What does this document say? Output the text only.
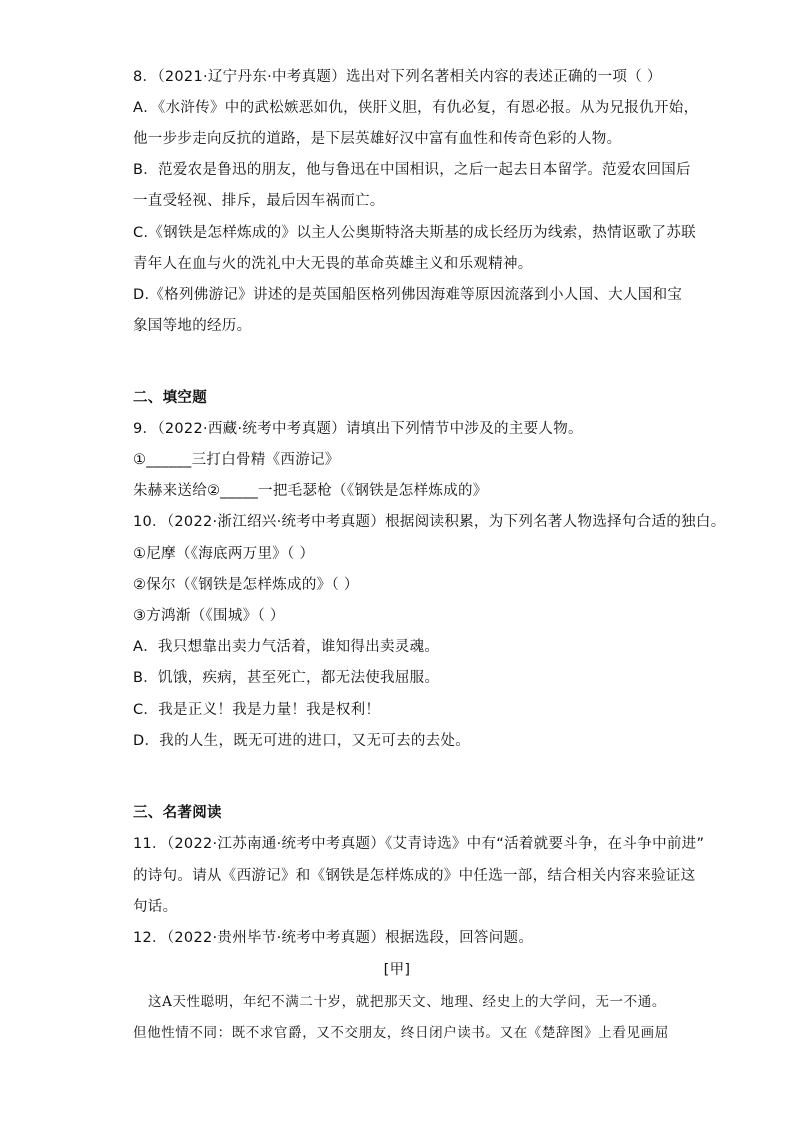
8．（2021·辽宁丹东·中考真题）选出对下列名著相关内容的表述正确的一项（ ）
A．《水浒传》中的武松嫉恶如仇，侠肝义胆，有仇必复，有恩必报。从为兄报仇开始，
他一步步走向反抗的道路，是下层英雄好汉中富有血性和传奇色彩的人物。
B．范爱农是鲁迅的朋友，他与鲁迅在中国相识，之后一起去日本留学。范爱农回国后
一直受轻视、排斥，最后因车祸而亡。
C.《钢铁是怎样炼成的》以主人公奥斯特洛夫斯基的成长经历为线索，热情讴歌了苏联
青年人在血与火的洗礼中大无畏的革命英雄主义和乐观精神。
D.《格列佛游记》讲述的是英国船医格列佛因海难等原因流落到小人国、大人国和宝
象国等地的经历。
二、填空题
9．（2022·西藏·统考中考真题）请填出下列情节中涉及的主要人物。
①______三打白骨精《西游记》
朱赫来送给②_____一把毛瑟枪（《钢铁是怎样炼成的》
10．（2022·浙江绍兴·统考中考真题）根据阅读积累，为下列名著人物选择句合适的独白。
①尼摩（《海底两万里》（ ）
②保尔（《钢铁是怎样炼成的》（ ）
③方鸿渐（《围城》（ ）
A．我只想靠出卖力气活着，谁知得出卖灵魂。
B．饥饿，疾病，甚至死亡，都无法使我屈服。
C．我是正义！我是力量！我是权利！
D．我的人生，既无可进的进口，又无可去的去处。
三、名著阅读
11．（2022·江苏南通·统考中考真题）《艾青诗选》中有“活着就要斗争，在斗争中前进”
的诗句。请从《西游记》和《钢铁是怎样炼成的》中任选一部，结合相关内容来验证这
句话。
12．（2022·贵州毕节·统考中考真题）根据选段，回答问题。
[甲]
这A天性聪明，年纪不满二十岁，就把那天文、地理、经史上的大学问，无一不通。
但他性情不同：既不求官爵，又不交朋友，终日闭户读书。又在《楚辞图》上看见画屈
